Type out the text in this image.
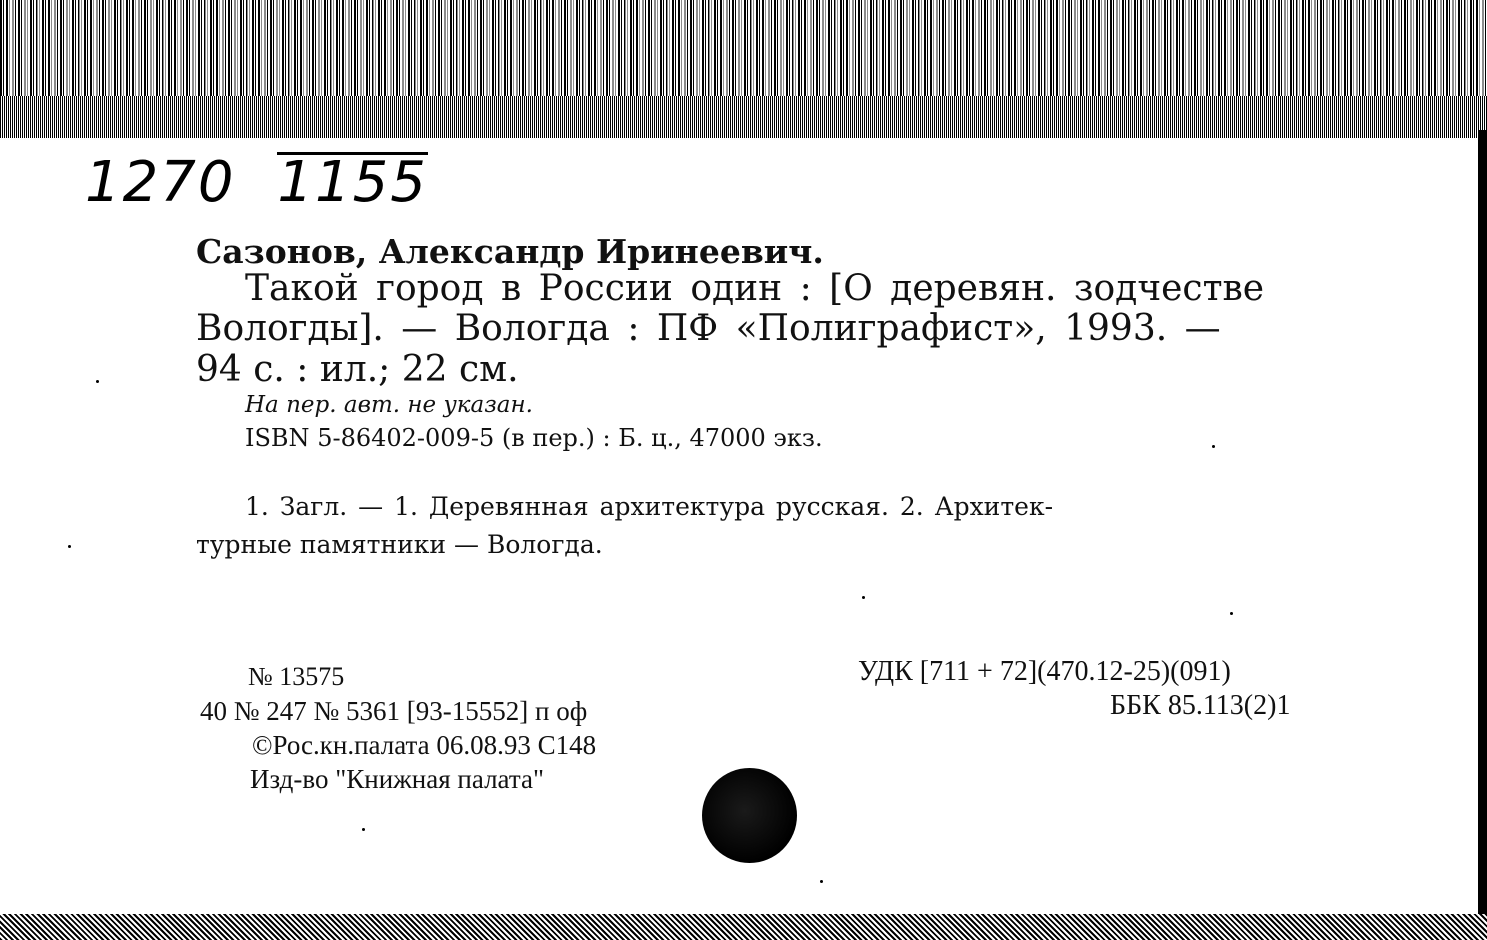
1270 1155
Сазонов, Александр Иринеевич.
Такой город в России один : [О деревян. зодчестве
Вологды]. — Вологда : ПФ «Полиграфист», 1993. —
94 с. : ил.; 22 см.
На пер. авт. не указан.
ISBN 5-86402-009-5 (в пер.) : Б. ц., 47000 экз.
1. Загл. — 1. Деревянная архитектура русская. 2. Архитек-
турные памятники — Вологда.
№ 13575
40 № 247 № 5361 [93-15552] п оф
©Рос.кн.палата 06.08.93 С148
Изд-во "Книжная палата"
УДК [711 + 72](470.12-25)(091)
ББК 85.113(2)1
